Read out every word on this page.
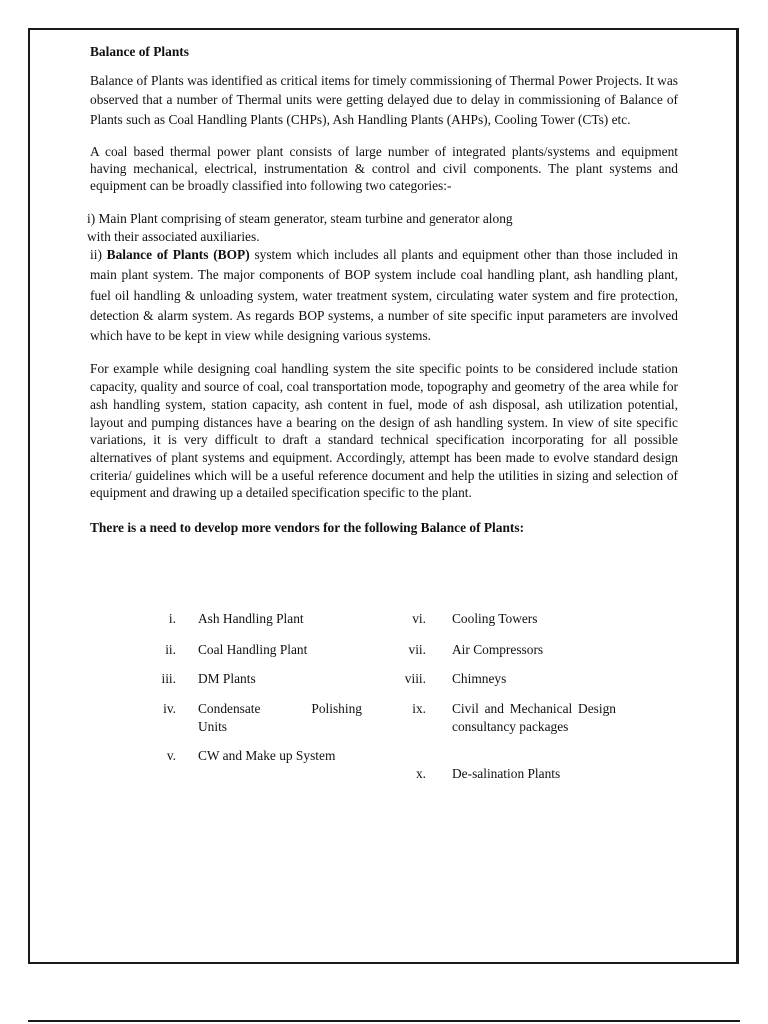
Balance of Plants

Balance of Plants was identified as critical items for timely commissioning of Thermal Power Projects. It was observed that a number of Thermal units were getting delayed due to delay in commissioning of Balance of Plants such as Coal Handling Plants (CHPs), Ash Handling Plants (AHPs), Cooling Tower (CTs) etc.

A coal based thermal power plant consists of large number of integrated plants/systems and equipment having mechanical, electrical, instrumentation & control and civil components. The plant systems and equipment can be broadly classified into following two categories:-

i) Main Plant comprising of steam generator, steam turbine and generator along
with their associated auxiliaries.

ii) Balance of Plants (BOP) system which includes all plants and equipment other than those included in main plant system. The major components of BOP system include coal handling plant, ash handling plant, fuel oil handling & unloading system, water treatment system, circulating water system and fire protection, detection & alarm system. As regards BOP systems, a number of site specific input parameters are involved which have to be kept in view while designing various systems.

For example while designing coal handling system the site specific points to be considered include station capacity, quality and source of coal, coal transportation mode, topography and geometry of the area while for ash handling system, station capacity, ash content in fuel, mode of ash disposal, ash utilization potential, layout and pumping distances have a bearing on the design of ash handling system. In view of site specific variations, it is very difficult to draft a standard technical specification incorporating for all possible alternatives of plant systems and equipment. Accordingly, attempt has been made to evolve standard design criteria/ guidelines which will be a useful reference document and help the utilities in sizing and selection of equipment and drawing up a detailed specification specific to the plant.

There is a need to develop more vendors for the following Balance of Plants:
i. Ash Handling Plant
ii. Coal Handling Plant
iii. DM Plants
iv. Condensate Polishing Units
v. CW and Make up System
vi. Cooling Towers
vii. Air Compressors
viii. Chimneys
ix. Civil and Mechanical Design consultancy packages
x. De-salination Plants
